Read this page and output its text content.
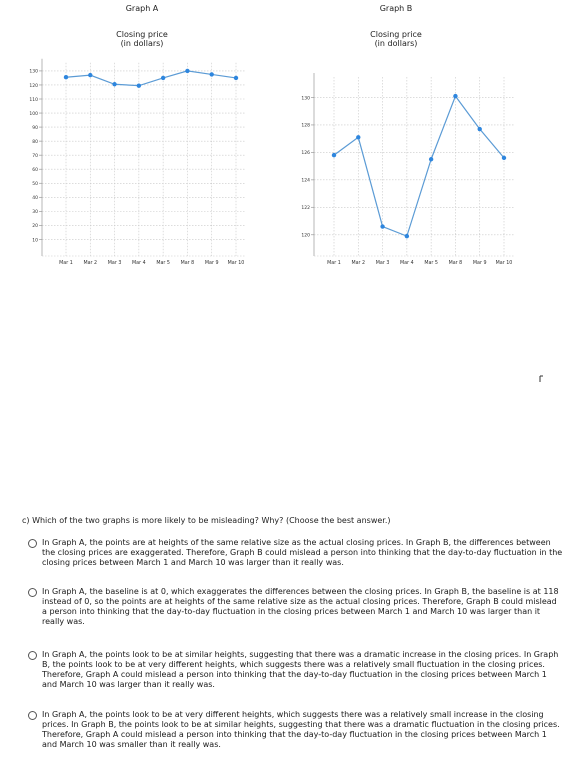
Graph A
Closing price
(in dollars)
Graph B
Closing price
(in dollars)
130
120
110
100
90
80
70
60
50
40
30
20
10
Mar 1 Mar 2 Mar 3 Mar 4 Mar 5 Mar 8 Mar 9 Mar 10
130
128
126
124
122
120
Mar 1 Mar 2 Mar 3 Mar 4 Mar 5 Mar 8 Mar 9 Mar 10
c) Which of the two graphs is more likely to be misleading? Why? (Choose the best answer.)
In Graph A, the points are at heights of the same relative size as the actual closing prices. In Graph B, the differences between the closing prices are exaggerated. Therefore, Graph B could mislead a person into thinking that the day-to-day fluctuation in the closing prices between March 1 and March 10 was larger than it really was.
In Graph A, the baseline is at 0, which exaggerates the differences between the closing prices. In Graph B, the baseline is at 118 instead of 0, so the points are at heights of the same relative size as the actual closing prices. Therefore, Graph B could mislead a person into thinking that the day-to-day fluctuation in the closing prices between March 1 and March 10 was larger than it really was.
In Graph A, the points look to be at similar heights, suggesting that there was a dramatic increase in the closing prices. In Graph B, the points look to be at very different heights, which suggests there was a relatively small fluctuation in the closing prices. Therefore, Graph A could mislead a person into thinking that the day-to-day fluctuation in the closing prices between March 1 and March 10 was larger than it really was.
In Graph A, the points look to be at very different heights, which suggests there was a relatively small increase in the closing prices. In Graph B, the points look to be at similar heights, suggesting that there was a dramatic fluctuation in the closing prices. Therefore, Graph A could mislead a person into thinking that the day-to-day fluctuation in the closing prices between March 1 and March 10 was smaller than it really was.
